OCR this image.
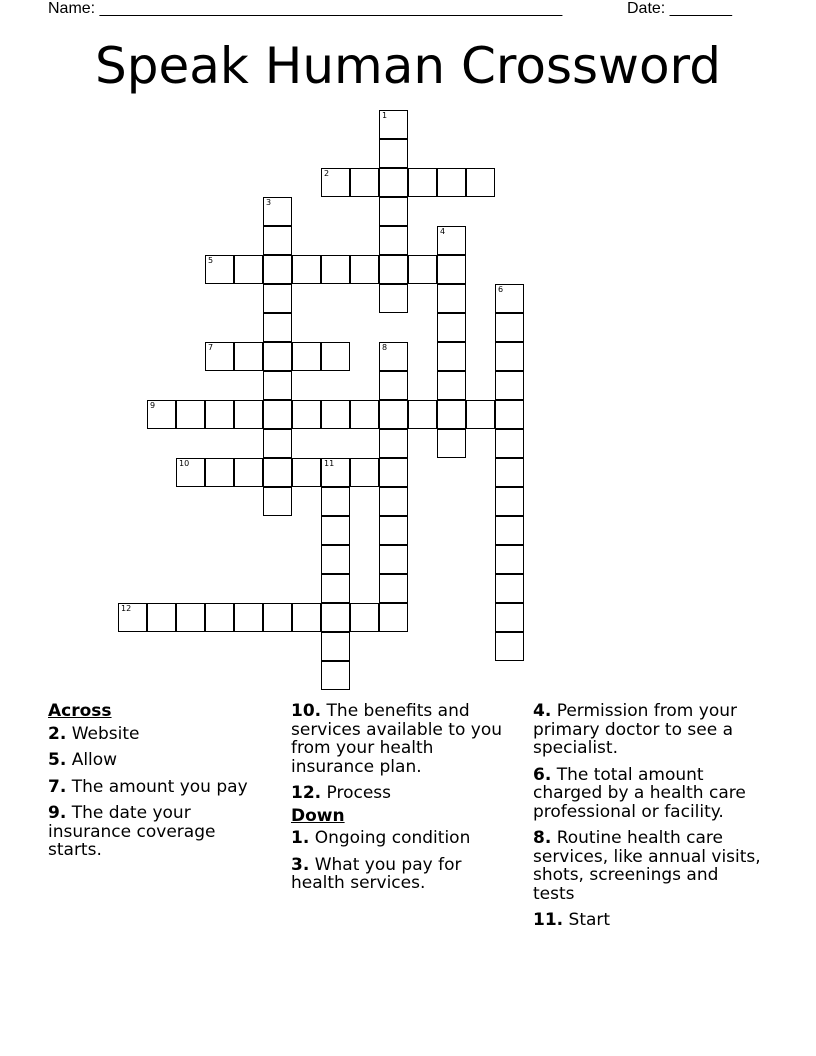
Name: ____________________________________________________	Date: _______
Speak Human Crossword
1
2
3
4
5
6
7	8
9
10	11
12
Across
2. Website
5. Allow
7. The amount you pay
9. The date your insurance coverage starts.
10. The benefits and services available to you from your health insurance plan.
12. Process
Down
1. Ongoing condition
3. What you pay for health services.
4. Permission from your primary doctor to see a specialist.
6. The total amount charged by a health care professional or facility.
8. Routine health care services, like annual visits, shots, screenings and tests
11. Start
